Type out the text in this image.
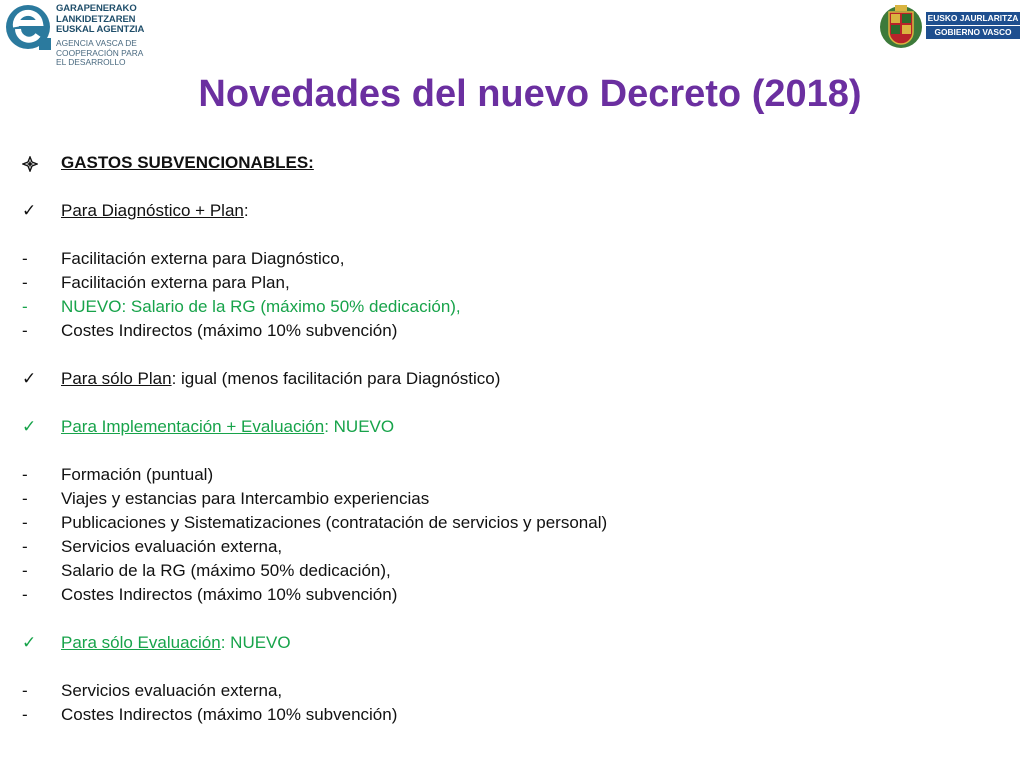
GARAPENERAKO
LANKIDETZAREN
EUSKAL AGENTZIA
AGENCIA VASCA DE
COOPERACIÓN PARA
EL DESARROLLO
EUSKO JAURLARITZA
GOBIERNO VASCO
Novedades del nuevo Decreto (2018)
GASTOS SUBVENCIONABLES:
✓	Para Diagnóstico + Plan:
-	Facilitación externa para Diagnóstico,
-	Facilitación externa para Plan,
-	NUEVO: Salario de la RG (máximo 50% dedicación),
-	Costes Indirectos (máximo 10% subvención)
✓	Para sólo Plan: igual (menos facilitación para Diagnóstico)
✓	Para Implementación + Evaluación: NUEVO
-	Formación (puntual)
-	Viajes y estancias para Intercambio experiencias
-	Publicaciones y Sistematizaciones (contratación de servicios y personal)
-	Servicios evaluación externa,
-	Salario de la RG (máximo 50% dedicación),
-	Costes Indirectos (máximo 10% subvención)
✓	Para sólo Evaluación: NUEVO
-	Servicios evaluación externa,
-	Costes Indirectos (máximo 10% subvención)
